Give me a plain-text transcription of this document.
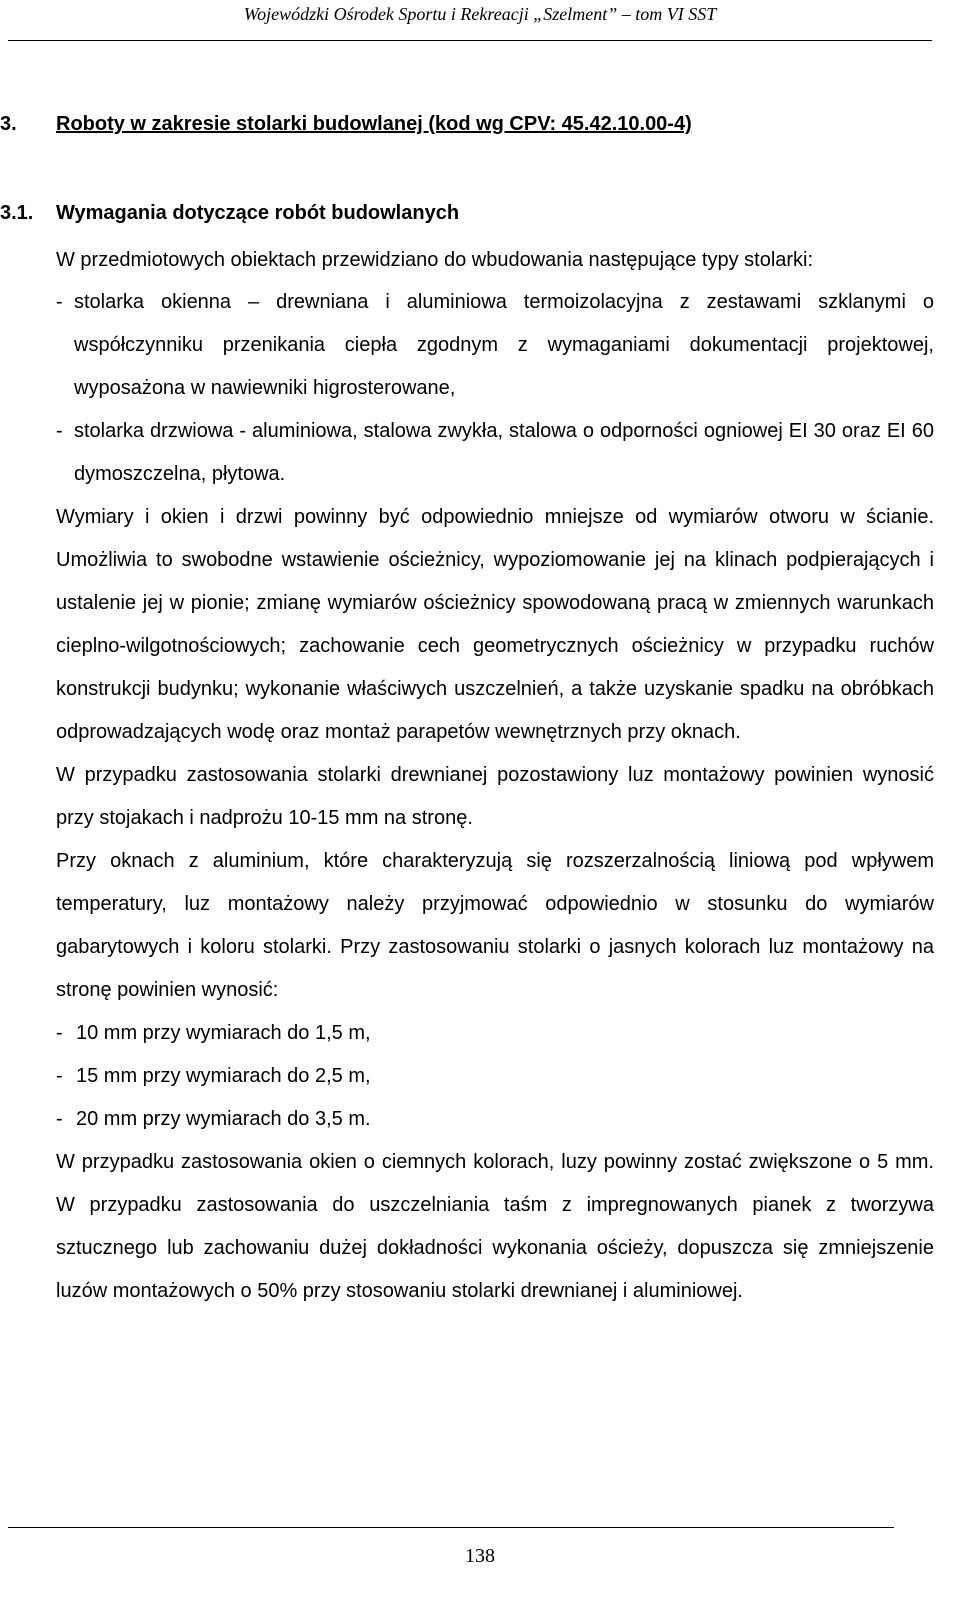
Wojewódzki Ośrodek Sportu i Rekreacji „Szelment” – tom VI SST
3. Roboty w zakresie stolarki budowlanej (kod wg CPV: 45.42.10.00-4)
3.1. Wymagania dotyczące robót budowlanych

W przedmiotowych obiektach przewidziano do wbudowania następujące typy stolarki:

- stolarka okienna – drewniana i aluminiowa termoizolacyjna z zestawami szklanymi o współczynniku przenikania ciepła zgodnym z wymaganiami dokumentacji projektowej, wyposażona w nawiewniki higrosterowane,
- stolarka drzwiowa - aluminiowa, stalowa zwykła, stalowa o odporności ogniowej EI 30 oraz EI 60 dymoszczelna, płytowa.

Wymiary i okien i drzwi powinny być odpowiednio mniejsze od wymiarów otworu w ścianie. Umożliwia to swobodne wstawienie ościeżnicy, wypoziomowanie jej na klinach podpierających i ustalenie jej w pionie; zmianę wymiarów ościeżnicy spowodowaną pracą w zmiennych warunkach cieplno-wilgotnościowych; zachowanie cech geometrycznych ościeżnicy w przypadku ruchów konstrukcji budynku; wykonanie właściwych uszczelnień, a także uzyskanie spadku na obróbkach odprowadzających wodę oraz montaż parapetów wewnętrznych przy oknach.

W przypadku zastosowania stolarki drewnianej pozostawiony luz montażowy powinien wynosić przy stojakach i nadprożu 10-15 mm na stronę.

Przy oknach z aluminium, które charakteryzują się rozszerzalnością liniową pod wpływem temperatury, luz montażowy należy przyjmować odpowiednio w stosunku do wymiarów gabarytowych i koloru stolarki. Przy zastosowaniu stolarki o jasnych kolorach luz montażowy na stronę powinien wynosić:

- 10 mm przy wymiarach do 1,5 m,
- 15 mm przy wymiarach do 2,5 m,
- 20 mm przy wymiarach do 3,5 m.

W przypadku zastosowania okien o ciemnych kolorach, luzy powinny zostać zwiększone o 5 mm. W przypadku zastosowania do uszczelniania taśm z impregnowanych pianek z tworzywa sztucznego lub zachowaniu dużej dokładności wykonania ościeży, dopuszcza się zmniejszenie luzów montażowych o 50% przy stosowaniu stolarki drewnianej i aluminiowej.

138
